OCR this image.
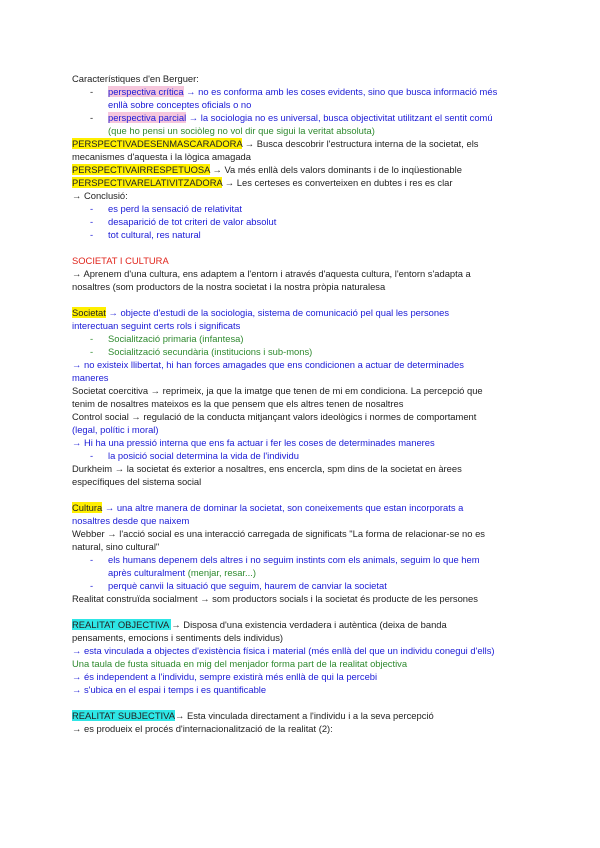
Característiques d'en Berguer:
- perspectiva crítica → no es conforma amb les coses evidents, sino que busca informació més
enllà sobre conceptes oficials o no
- perspectiva parcial → la sociologia no es universal, busca objectivitat utilitzant el sentit comú
(que ho pensi un sociòleg no vol dir que sigui la veritat absoluta)
PERSPECTIVADESENMASCARADORA → Busca descobrir l'estructura interna de la societat, els
mecanismes d'aquesta i la lògica amagada
PERSPECTIVAIRRESPETUOSA → Va més enllà dels valors dominants i de lo inqüestionable
PERSPECTIVARELATIVITZADORA → Les certeses es converteixen en dubtes i res es clar
→ Conclusió:
- es perd la sensació de relativitat
- desaparició de tot criteri de valor absolut
- tot cultural, res natural
SOCIETAT I CULTURA
→ Aprenem d'una cultura, ens adaptem a l'entorn i através d'aquesta cultura, l'entorn s'adapta a
nosaltres (som productors de la nostra societat i la nostra pròpia naturalesa
Societat → objecte d'estudi de la sociologia, sistema de comunicació pel qual les persones
interectuan seguint certs rols i significats
- Socialització primaria (infantesa)
- Socialització secundària (institucions i sub-mons)
→ no existeix llibertat, hi han forces amagades que ens condicionen a actuar de determinades
maneres
Societat coercitiva → reprimeix, ja que la imatge que tenen de mi em condiciona. La percepció que
tenim de nosaltres mateixos es la que pensem que els altres tenen de nosaltres
Control social → regulació de la conducta mitjançant valors ideològics i normes de comportament
(legal, polític i moral)
→ Hi ha una pressió interna que ens fa actuar i fer les coses de determinades maneres
- la posició social determina la vida de l'individu
Durkheim → la societat és exterior a nosaltres, ens encercla, spm dins de la societat en àrees
específiques del sistema social
Cultura → una altre manera de dominar la societat, son coneixements que estan incorporats a
nosaltres desde que naixem
Webber → l'acció social es una interacció carregada de significats "La forma de relacionar-se no es
natural, sino cultural"
- els humans depenem dels altres i no seguim instints com els animals, seguim lo que hem
après culturalment (menjar, resar...)
- perquè canvii la situació que seguim, haurem de canviar la societat
Realitat construïda socialment → som productors socials i la societat és producte de les persones
REALITAT OBJECTIVA → Disposa d'una existencia verdadera i autèntica (deixa de banda
pensaments, emocions i sentiments dels individus)
→ esta vinculada a objectes d'existència física i material (més enllà del que un individu conegui d'ells)
Una taula de fusta situada en mig del menjador forma part de la realitat objectiva
→ és independent a l'individu, sempre existirà més enllà de qui la percebi
→ s'ubica en el espai i temps i es quantificable
REALITAT SUBJECTIVA→ Esta vinculada directament a l'individu i a la seva percepció
→ es produeix el procés d'internacionalització de la realitat (2):
